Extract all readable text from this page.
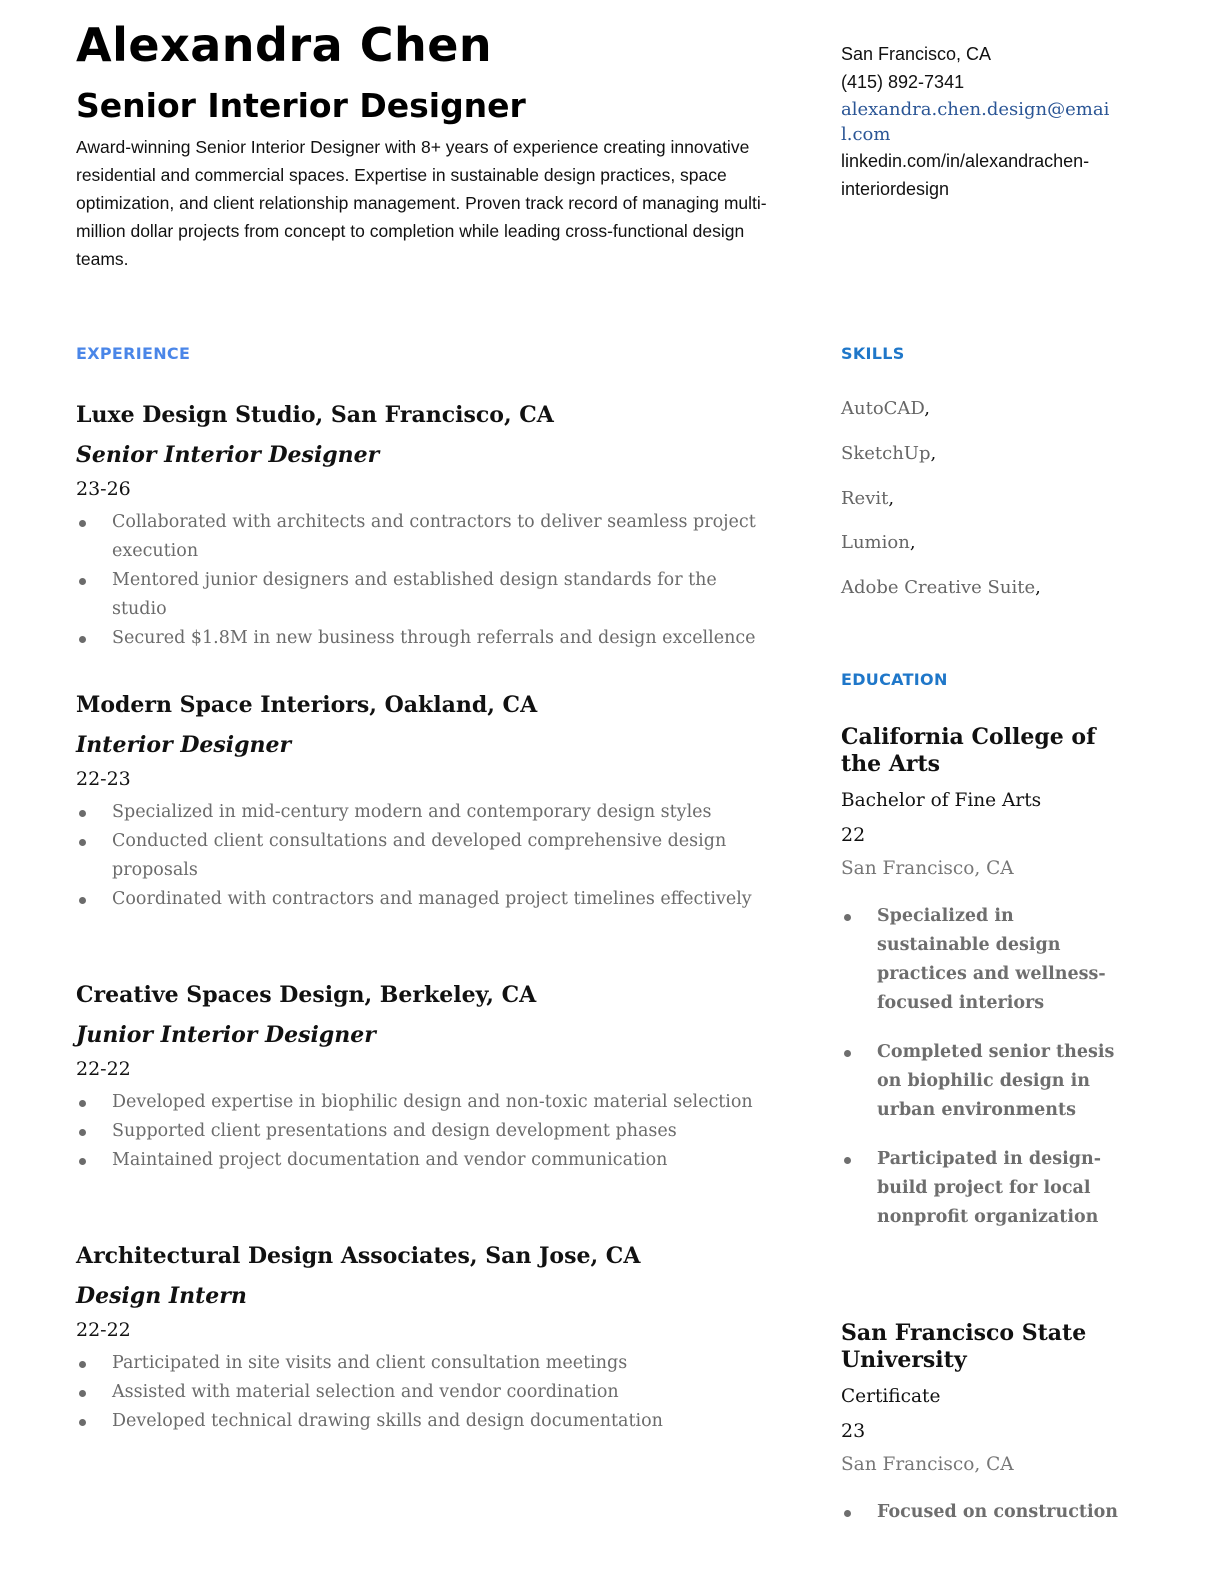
Alexandra Chen
Senior Interior Designer

Award-winning Senior Interior Designer with 8+ years of experience creating innovative residential and commercial spaces. Expertise in sustainable design practices, space optimization, and client relationship management. Proven track record of managing multi-million dollar projects from concept to completion while leading cross-functional design teams.

San Francisco, CA
(415) 892-7341
alexandra.chen.design@email.com
linkedin.com/in/alexandrachen-interiordesign
EXPERIENCE	SKILLS
EDUCATION
Luxe Design Studio, San Francisco, CA
Senior Interior Designer
23-26
Collaborated with architects and contractors to deliver seamless project execution
Mentored junior designers and established design standards for the studio
Secured $1.8M in new business through referrals and design excellence
Modern Space Interiors, Oakland, CA
Interior Designer
22-23
Specialized in mid-century modern and contemporary design styles
Conducted client consultations and developed comprehensive design proposals
Coordinated with contractors and managed project timelines effectively
Creative Spaces Design, Berkeley, CA
Junior Interior Designer
22-22
Developed expertise in biophilic design and non-toxic material selection
Supported client presentations and design development phases
Maintained project documentation and vendor communication
Architectural Design Associates, San Jose, CA
Design Intern
22-22
Participated in site visits and client consultation meetings
Assisted with material selection and vendor coordination
Developed technical drawing skills and design documentation
AutoCAD,
SketchUp,
Revit,
Lumion,
Adobe Creative Suite,
California College of the Arts
Bachelor of Fine Arts
22
San Francisco, CA
Specialized in sustainable design practices and wellness-focused interiors
Completed senior thesis on biophilic design in urban environments
Participated in design-build project for local nonprofit organization
San Francisco State University
Certificate
23
San Francisco, CA
Focused on construction
